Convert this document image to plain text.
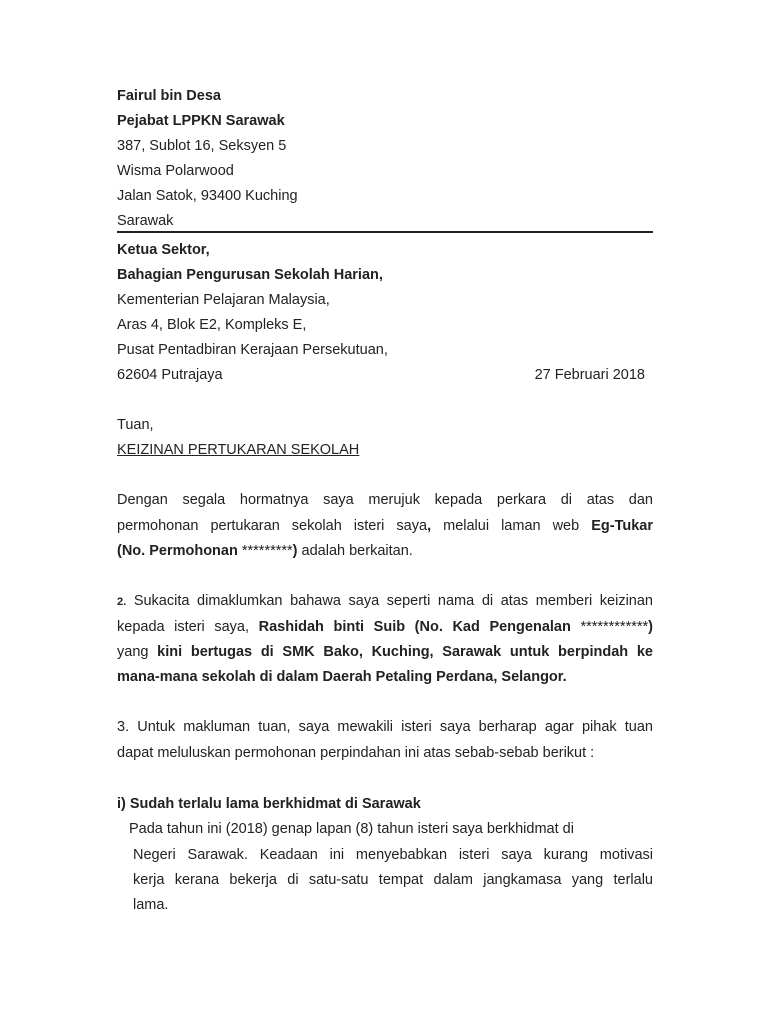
Fairul bin Desa
Pejabat LPPKN Sarawak
387, Sublot 16, Seksyen 5
Wisma Polarwood
Jalan Satok, 93400 Kuching
Sarawak
Ketua Sektor,
Bahagian Pengurusan Sekolah Harian,
Kementerian Pelajaran Malaysia,
Aras 4, Blok E2, Kompleks E,
Pusat Pentadbiran Kerajaan Persekutuan,
62604 Putrajaya	27 Februari 2018
Tuan,
KEIZINAN PERTUKARAN SEKOLAH
Dengan segala hormatnya saya merujuk kepada perkara di atas dan
permohonan pertukaran sekolah isteri saya, melalui laman web Eg-Tukar
(No. Permohonan *********) adalah berkaitan.
2. Sukacita dimaklumkan bahawa saya seperti nama di atas memberi keizinan
kepada isteri saya, Rashidah binti Suib (No. Kad Pengenalan ************)
yang kini bertugas di SMK Bako, Kuching, Sarawak untuk berpindah ke
mana-mana sekolah di dalam Daerah Petaling Perdana, Selangor.
3. Untuk makluman tuan, saya mewakili isteri saya berharap agar pihak tuan
dapat meluluskan permohonan perpindahan ini atas sebab-sebab berikut :
i) Sudah terlalu lama berkhidmat di Sarawak
Pada tahun ini (2018) genap lapan (8) tahun isteri saya berkhidmat di
Negeri Sarawak. Keadaan ini menyebabkan isteri saya kurang motivasi
kerja kerana bekerja di satu-satu tempat dalam jangkamasa yang terlalu
lama.
